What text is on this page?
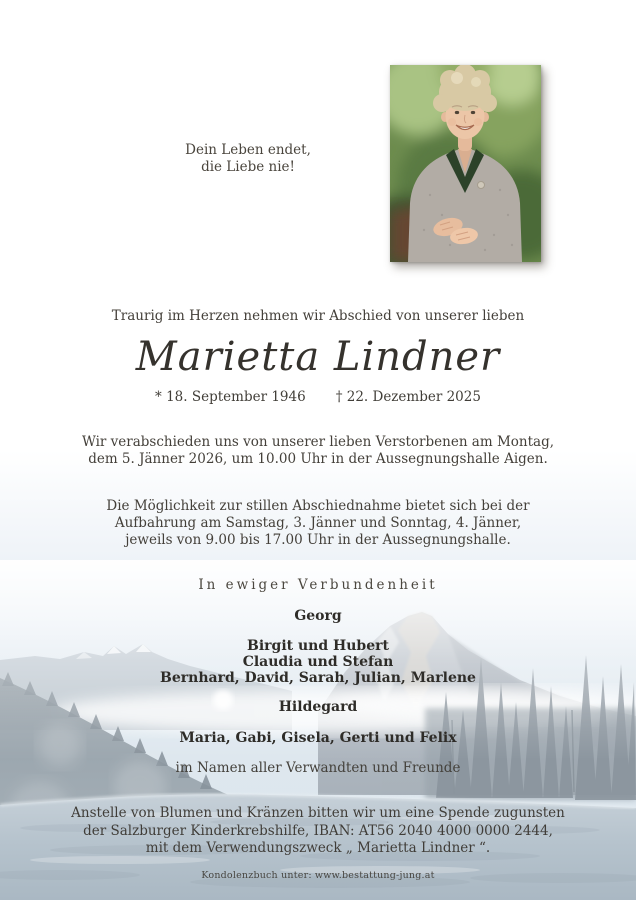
Dein Leben endet,
die Liebe nie!
Traurig im Herzen nehmen wir Abschied von unserer lieben
Marietta Lindner
* 18. September 1946 † 22. Dezember 2025
Wir verabschieden uns von unserer lieben Verstorbenen am Montag,
dem 5. Jänner 2026, um 10.00 Uhr in der Aussegnungshalle Aigen.
Die Möglichkeit zur stillen Abschiednahme bietet sich bei der
Aufbahrung am Samstag, 3. Jänner und Sonntag, 4. Jänner,
jeweils von 9.00 bis 17.00 Uhr in der Aussegnungshalle.
In ewiger Verbundenheit
Georg
Birgit und Hubert
Claudia und Stefan
Bernhard, David, Sarah, Julian, Marlene
Hildegard
Maria, Gabi, Gisela, Gerti und Felix
im Namen aller Verwandten und Freunde
Anstelle von Blumen und Kränzen bitten wir um eine Spende zugunsten
der Salzburger Kinderkrebshilfe, IBAN: AT56 2040 4000 0000 2444,
mit dem Verwendungszweck „ Marietta Lindner “.
Kondolenzbuch unter: www.bestattung-jung.at
